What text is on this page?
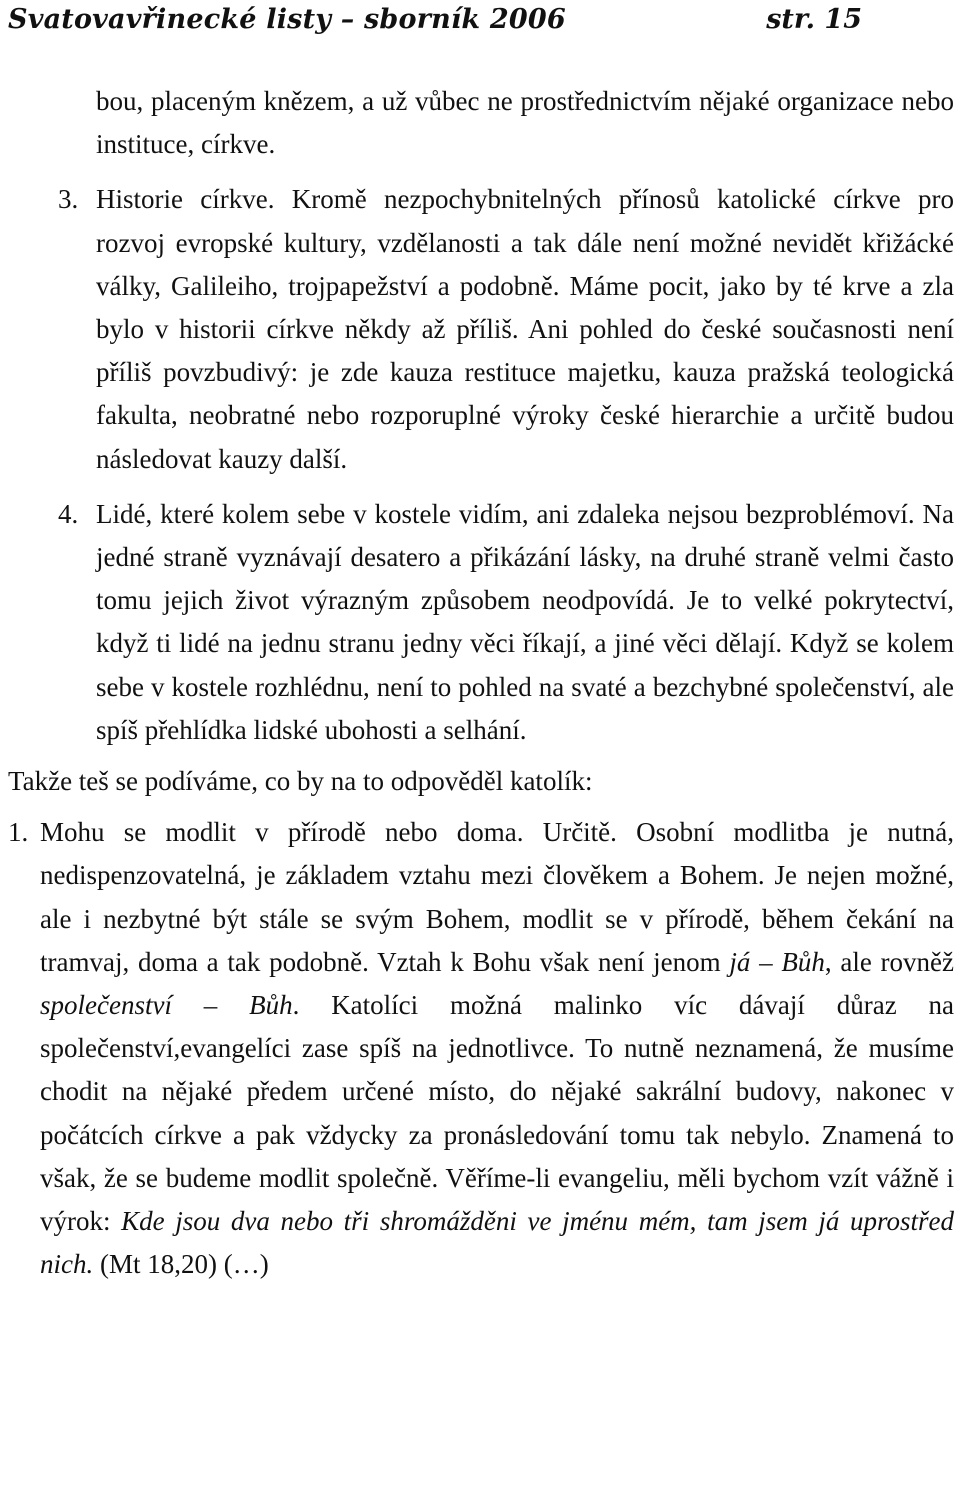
Svatovavřinecké listy – sborník 2006	str. 15
bou, placeným knězem, a už vůbec ne prostřednictvím nějaké organizace nebo instituce, církve.
3. Historie církve. Kromě nezpochybnitelných přínosů katolické církve pro rozvoj evropské kultury, vzdělanosti a tak dále není možné nevidět křižácké války, Galileiho, trojpapežství a podobně. Máme pocit, jako by té krve a zla bylo v historii církve někdy až příliš. Ani pohled do české současnosti není příliš povzbudivý: je zde kauza restituce majetku, kauza pražská teologická fakulta, neobratné nebo rozporuplné výroky české hierarchie a určitě budou následovat kauzy další.
4. Lidé, které kolem sebe v kostele vidím, ani zdaleka nejsou bezproblémoví. Na jedné straně vyznávají desatero a přikázání lásky, na druhé straně velmi často tomu jejich život výrazným způsobem neodpovídá. Je to velké pokrytectví, když ti lidé na jednu stranu jedny věci říkají, a jiné věci dělají. Když se kolem sebe v kostele rozhlédnu, není to pohled na svaté a bezchybné společenství, ale spíš přehlídka lidské ubohosti a selhání.
Takže teš se podíváme, co by na to odpověděl katolík:
1. Mohu se modlit v přírodě nebo doma. Určitě. Osobní modlitba je nutná, nedispenzovatelná, je základem vztahu mezi člověkem a Bohem. Je nejen možné, ale i nezbytné být stále se svým Bohem, modlit se v přírodě, během čekání na tramvaj, doma a tak podobně. Vztah k Bohu však není jenom já – Bůh, ale rovněž společenství – Bůh. Katolíci možná malinko víc dávají důraz na společenství,evangelíci zase spíš na jednotlivce. To nutně neznamená, že musíme chodit na nějaké předem určené místo, do nějaké sakrální budovy, nakonec v počátcích církve a pak vždycky za pronásledování tomu tak nebylo. Znamená to však, že se budeme modlit společně. Věříme-li evangeliu, měli bychom vzít vážně i výrok: Kde jsou dva nebo tři shromážděni ve jménu mém, tam jsem já uprostřed nich. (Mt 18,20) (…)
